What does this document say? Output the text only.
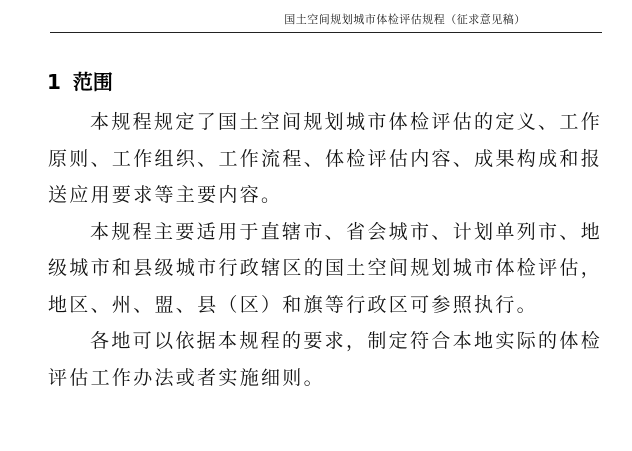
国土空间规划城市体检评估规程（征求意见稿）
1 范围

本规程规定了国土空间规划城市体检评估的定义、工作原则、工作组织、工作流程、体检评估内容、成果构成和报送应用要求等主要内容。

本规程主要适用于直辖市、省会城市、计划单列市、地级城市和县级城市行政辖区的国土空间规划城市体检评估，地区、州、盟、县（区）和旗等行政区可参照执行。

各地可以依据本规程的要求，制定符合本地实际的体检评估工作办法或者实施细则。
